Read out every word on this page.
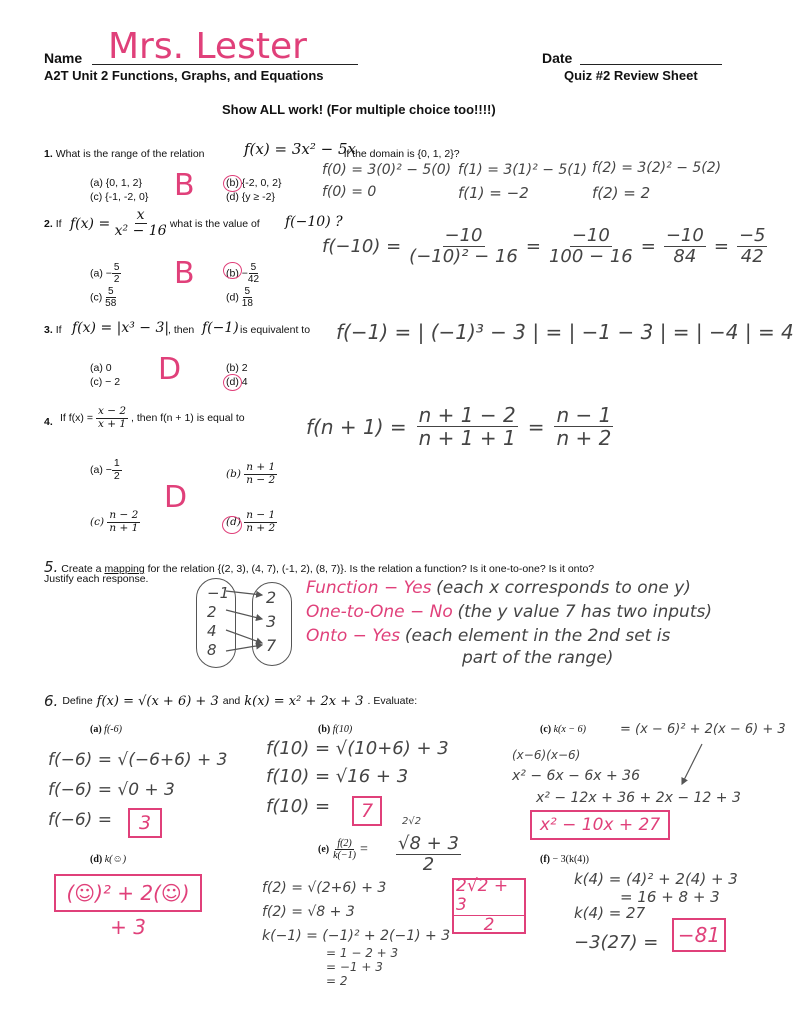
Name Mrs. Lester	Date
A2T Unit 2 Functions, Graphs, and Equations	Quiz #2 Review Sheet
Show ALL work! (For multiple choice too!!!!)
1. What is the range of the relation	f(x) = 3x² − 5x
if the domain is {0, 1, 2}?
(a) {0, 1, 2}
(c) {-1, -2, 0}
(b) {-2, 0, 2}
(d) {y ≥ -2}
B	f(0) = 3(0)² − 5(0)
f(0) = 0
f(1) = 3(1)² − 5(1)
f(1) = −2
f(2) = 3(2)² − 5(2)
f(2) = 2
2. If $f(x) = \frac{x}{\text{x² − 16}}$
, what is the value of f(−10) ?
$(a) - \frac{5}{2}$
$(c) \frac{5}{58}$
$(b) - \frac{5}{42}$
$(d) \frac{5}{18}$
B
$f(-10) = \frac{-10}{\text{(−10)² − 16}} = \frac{-10}{100 - 16} = \frac{-10}{84} = \frac{-5}{42}$
3. If f(x) = |x³ − 3|
, then f(−1) is equivalent to
(a) 0
(c) − 2
(b) 2
(d) 4
D
f(−1) = | (−1)³ − 3 | = | −1 − 3 | = | −4 | = 4
4. If $f(x) = \frac{x - 2}{x + 1}$ , then f(n + 1) is equal to
$(a) - \frac{1}{2}$	$(b) \frac{n + 1}{n - 2}$
$(c) \frac{n - 2}{n + 1}$	$(d) \frac{n - 1}{n + 2}$
D
$f(n + 1) = \frac{n + 1 - 2}{n + 1 + 1} = \frac{n - 1}{n + 2}$
5. Create a mapping for the relation {(2, 3), (4, 7), (-1, 2), (8, 7)}. Is the relation a function? Is it one-to-one? Is it onto?
Justify each response.
−1
2
4
8
2
3
7
Function − Yes (each x corresponds to one y)
One-to-One − No (the y value 7 has two inputs)
Onto − Yes (each element in the 2nd set is
part of the range)
6. Define f(x) = √(x + 6) + 3 and k(x) = x² + 2x + 3 . Evaluate:
(a) f(-6)
f(−6) = √(−6+6) + 3
f(−6) = √0 + 3
f(−6) =	3
(b) f(10)
f(10) = √(10+6) + 3
f(10) = √16 + 3
f(10) =	7
(c) k(x − 6)	= (x − 6)² + 2(x − 6) + 3
(x−6)(x−6)
x² − 6x − 6x + 36
x² − 12x + 36 + 2x − 12 + 3
x² − 10x + 27
(d) k(☺)
(☺)² + 2(☺) + 3
$(e) \frac{f(2)}{k(-1)} = \frac{√8 + 3}{2}$
2√2
$\frac{2√2 + 3}{2}$
f(2) = √(2+6) + 3
f(2) = √8 + 3
k(−1) = (−1)² + 2(−1) + 3
= 1 − 2 + 3
= −1 + 3
= 2
(f) − 3(k(4))
k(4) = (4)² + 2(4) + 3
= 16 + 8 + 3
k(4) = 27
−3(27) = −81
